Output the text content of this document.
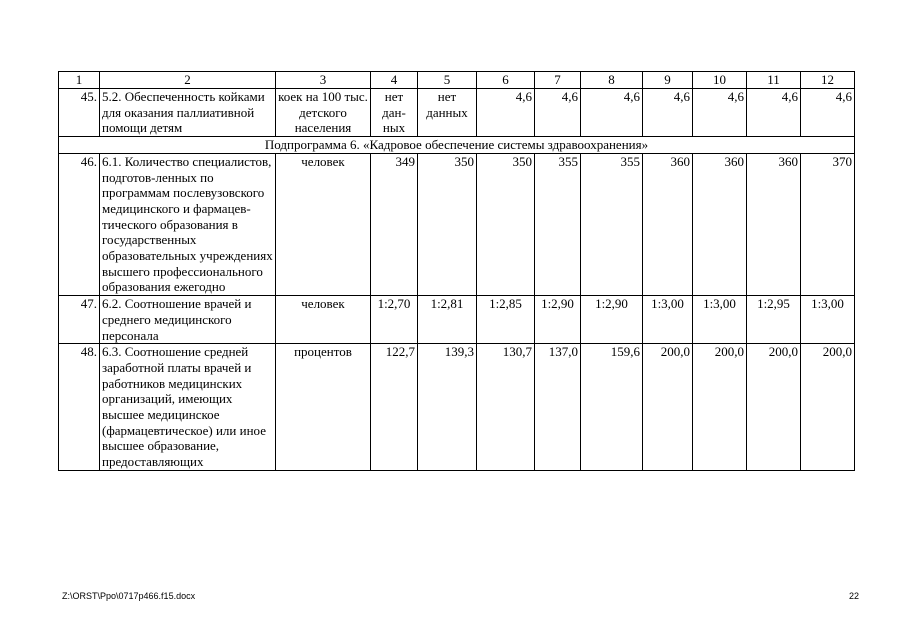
1	2	3	4	5	6	7	8	9	10	11	12
45.	5.2. Обеспеченность койками для оказания паллиативной помощи детям	коек на 100 тыс. детского населения	нет дан-ных	нет данных	4,6	4,6	4,6	4,6	4,6	4,6	4,6
Подпрограмма 6. «Кадровое обеспечение системы здравоохранения»											
46.	6.1. Количество специалистов, подготов-ленных по программам послевузовского медицинского и фармацев-тического образования в государственных образовательных учреждениях высшего профессионального образования ежегодно	человек	349	350	350	355	355	360	360	360	370
47.	6.2. Соотношение врачей и среднего медицинского персонала	человек	1:2,70	1:2,81	1:2,85	1:2,90	1:2,90	1:3,00	1:3,00	1:2,95	1:3,00
48.	6.3. Соотношение средней заработной платы врачей и работников медицинских организаций, имеющих высшее медицинское (фармацевтическое) или иное высшее образование, предоставляющих	процентов	122,7	139,3	130,7	137,0	159,6	200,0	200,0	200,0	200,0
Z:\ORST\Ppo\0717p466.f15.docx	22
